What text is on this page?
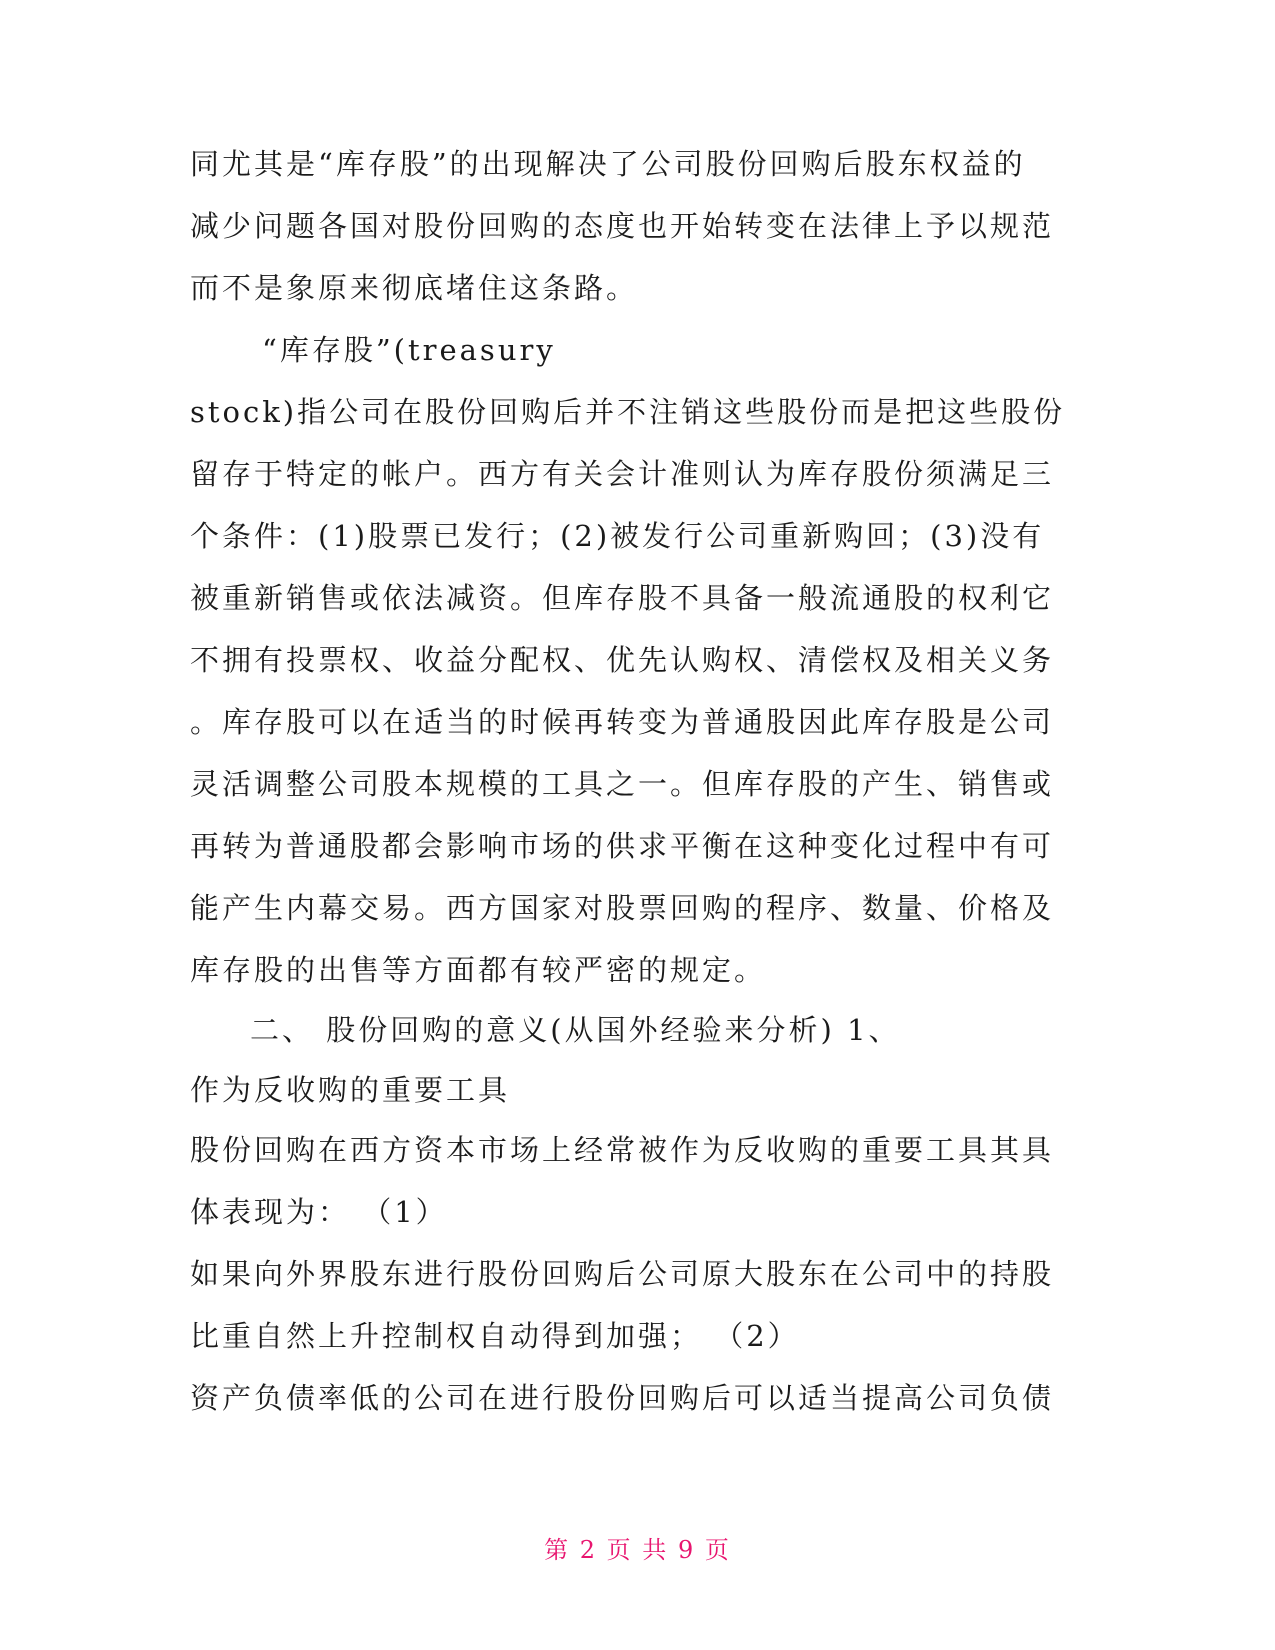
同尤其是“库存股”的出现解决了公司股份回购后股东权益的
减少问题各国对股份回购的态度也开始转变在法律上予以规范
而不是象原来彻底堵住这条路。
“库存股”(treasury
stock)指公司在股份回购后并不注销这些股份而是把这些股份
留存于特定的帐户。西方有关会计准则认为库存股份须满足三
个条件：(1)股票已发行；(2)被发行公司重新购回；(3)没有
被重新销售或依法减资。但库存股不具备一般流通股的权利它
不拥有投票权、收益分配权、优先认购权、清偿权及相关义务
。库存股可以在适当的时候再转变为普通股因此库存股是公司
灵活调整公司股本规模的工具之一。但库存股的产生、销售或
再转为普通股都会影响市场的供求平衡在这种变化过程中有可
能产生内幕交易。西方国家对股票回购的程序、数量、价格及
库存股的出售等方面都有较严密的规定。
二、 股份回购的意义(从国外经验来分析) 1、
作为反收购的重要工具
股份回购在西方资本市场上经常被作为反收购的重要工具其具
体表现为： （1）
如果向外界股东进行股份回购后公司原大股东在公司中的持股
比重自然上升控制权自动得到加强； （2）
资产负债率低的公司在进行股份回购后可以适当提高公司负债
第 2 页 共 9 页
